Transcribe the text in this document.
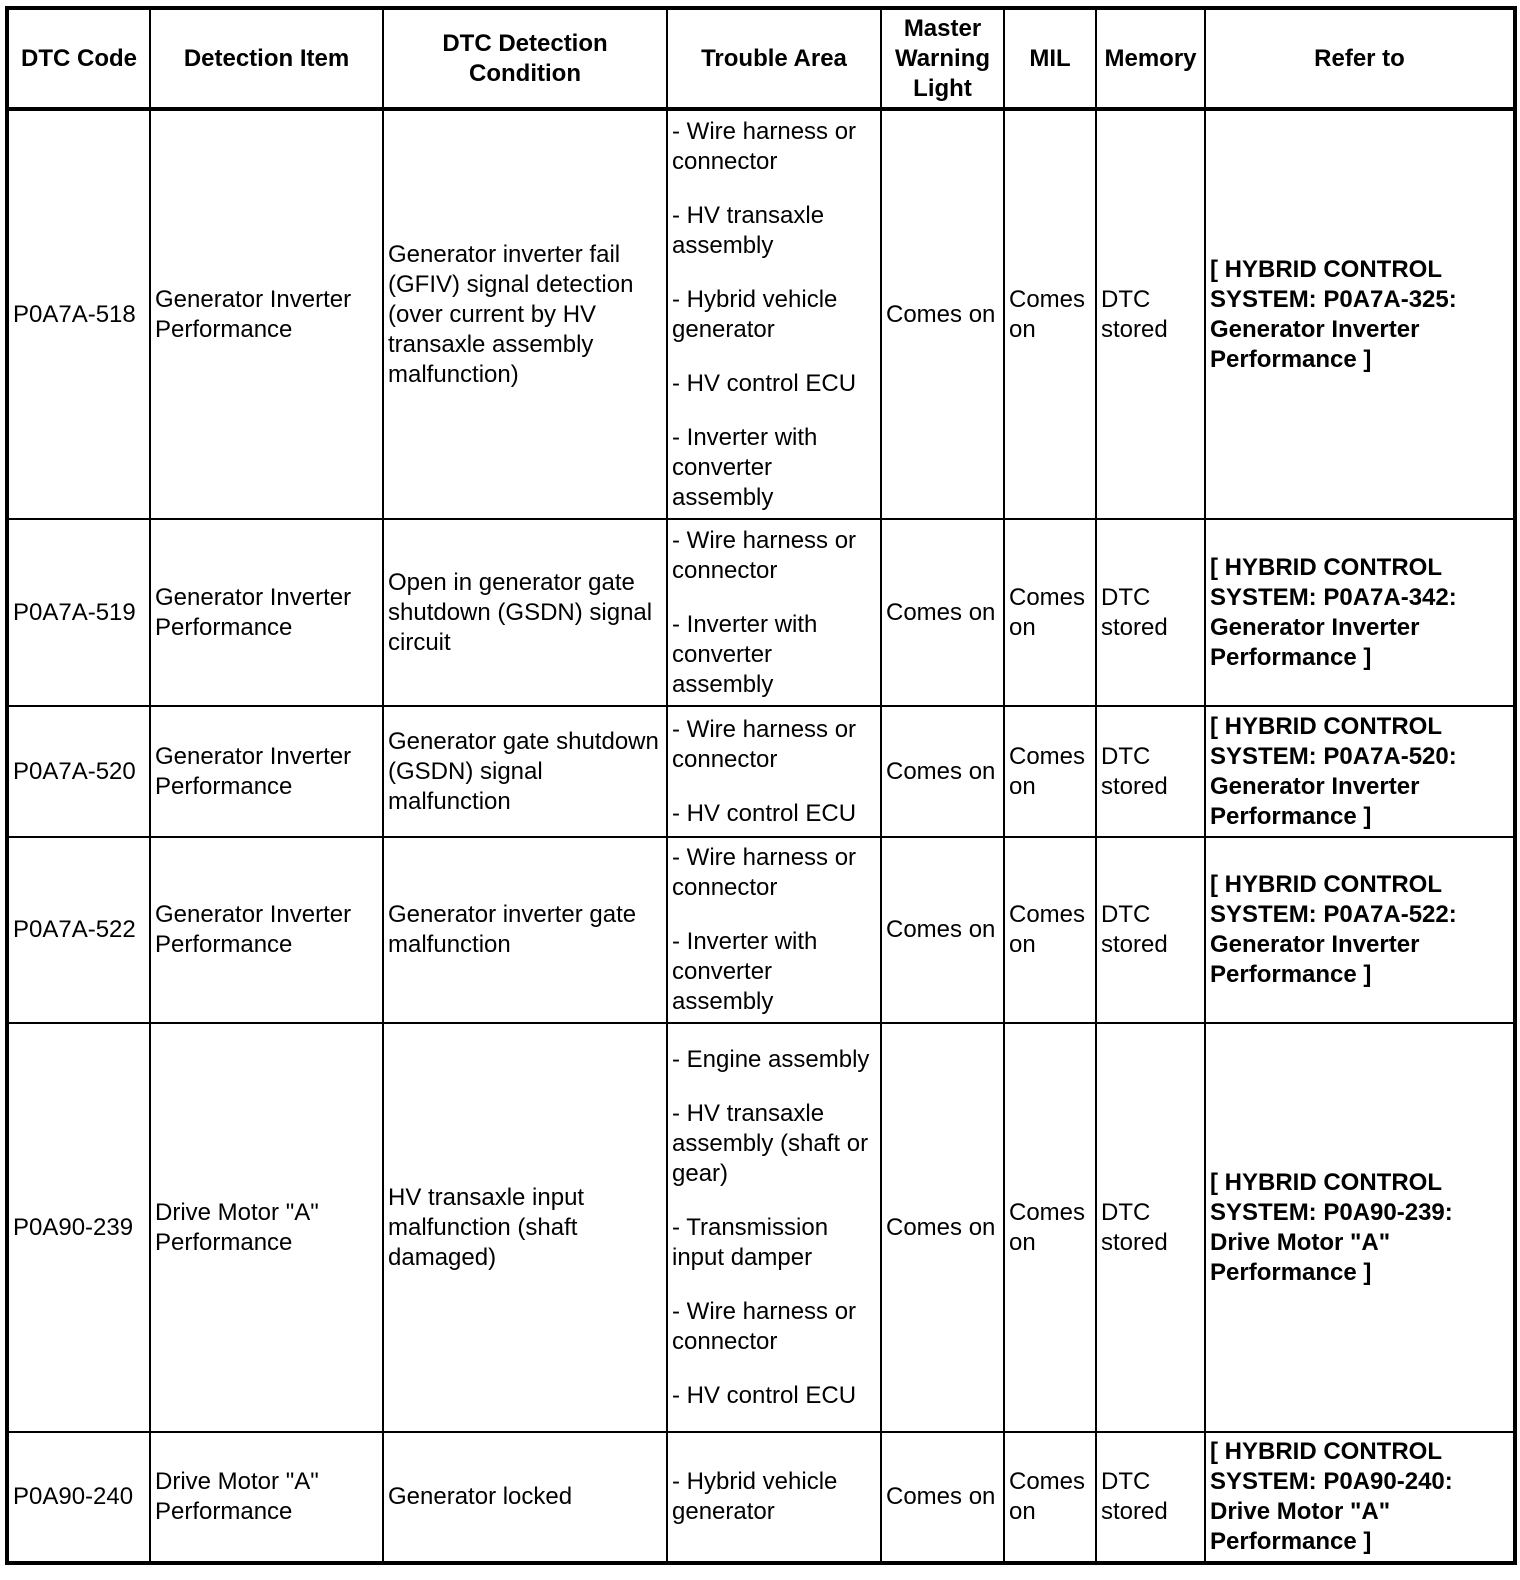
DTC Code	Detection Item	DTC Detection Condition	Trouble Area	Master Warning Light	MIL	Memory	Refer to
P0A7A-518	Generator Inverter Performance	Generator inverter fail (GFIV) signal detection (over current by HV transaxle assembly malfunction)	- Wire harness or connector
- HV transaxle assembly
- Hybrid vehicle generator
- HV control ECU
- Inverter with converter assembly	Comes on	Comes on	DTC stored	[ HYBRID CONTROL SYSTEM: P0A7A-325: Generator Inverter Performance ]
P0A7A-519	Generator Inverter Performance	Open in generator gate shutdown (GSDN) signal circuit	- Wire harness or connector
- Inverter with converter assembly	Comes on	Comes on	DTC stored	[ HYBRID CONTROL SYSTEM: P0A7A-342: Generator Inverter Performance ]
P0A7A-520	Generator Inverter Performance	Generator gate shutdown (GSDN) signal malfunction	- Wire harness or connector
- HV control ECU	Comes on	Comes on	DTC stored	[ HYBRID CONTROL SYSTEM: P0A7A-520: Generator Inverter Performance ]
P0A7A-522	Generator Inverter Performance	Generator inverter gate malfunction	- Wire harness or connector
- Inverter with converter assembly	Comes on	Comes on	DTC stored	[ HYBRID CONTROL SYSTEM: P0A7A-522: Generator Inverter Performance ]
P0A90-239	Drive Motor "A" Performance	HV transaxle input malfunction (shaft damaged)	- Engine assembly
- HV transaxle assembly (shaft or gear)
- Transmission input damper
- Wire harness or connector
- HV control ECU	Comes on	Comes on	DTC stored	[ HYBRID CONTROL SYSTEM: P0A90-239: Drive Motor "A" Performance ]
P0A90-240	Drive Motor "A" Performance	Generator locked	- Hybrid vehicle generator	Comes on	Comes on	DTC stored	[ HYBRID CONTROL SYSTEM: P0A90-240: Drive Motor "A" Performance ]
